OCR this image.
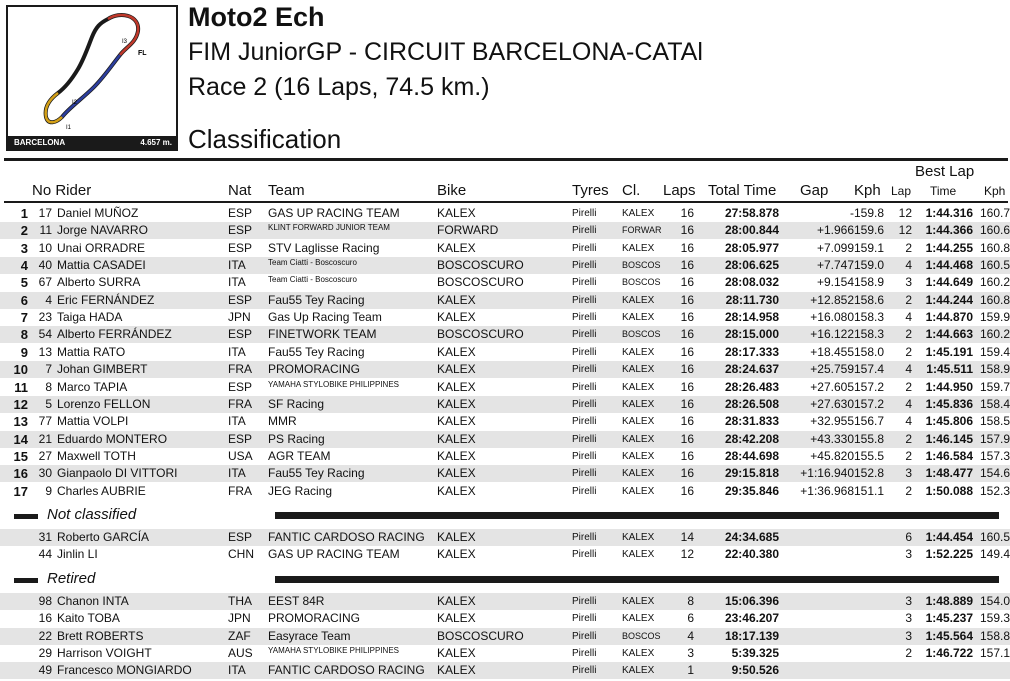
FL
I3
I2
I1
BARCELONA	4.657 m.
Moto2 Ech
FIM JuniorGP - CIRCUIT BARCELONA-CATAl
Race 2 (16 Laps, 74.5 km.)
Classification
Best Lap
No Rider	Nat Team	Bike	Tyres Cl. Laps Total Time Gap Kph Lap Time Kph
1 17 Daniel MUÑOZ	ESP GAS UP RACING TEAM	KALEX	Pirelli	KALEX	16	27:58.878	- 159.8	12	1:44.316 160.7
2 11 Jorge NAVARRO	ESP KLINT FORWARD JUNIOR TEAM	FORWARD	Pirelli	FORWAR	16	28:00.844	+1.966 159.6	12	1:44.366 160.6
3 10 Unai ORRADRE	ESP STV Laglisse Racing	KALEX	Pirelli	KALEX	16	28:05.977	+7.099 159.1	2	1:44.255 160.8
4 40 Mattia CASADEI	ITA	Team Ciatti - Boscoscuro	BOSCOSCURO	Pirelli	BOSCOS	16	28:06.625	+7.747 159.0	4	1:44.468 160.5
5 67 Alberto SURRA	ITA	Team Ciatti - Boscoscuro	BOSCOSCURO	Pirelli	BOSCOS	16	28:08.032	+9.154 158.9	3	1:44.649 160.2
6	4 Eric FERNÁNDEZ	ESP Fau55 Tey Racing	KALEX	Pirelli	KALEX	16	28:11.730	+12.852 158.6	2	1:44.244 160.8
7 23 Taiga HADA	JPN Gas Up Racing Team	KALEX	Pirelli	KALEX	16	28:14.958	+16.080 158.3	4	1:44.870 159.9
8 54 Alberto FERRÁNDEZ	ESP FINETWORK TEAM	BOSCOSCURO	Pirelli	BOSCOS	16	28:15.000	+16.122 158.3	2	1:44.663 160.2
9 13 Mattia RATO	ITA Fau55 Tey Racing	KALEX	Pirelli	KALEX	16	28:17.333	+18.455 158.0	2	1:45.191 159.4
10	7 Johan GIMBERT	FRA PROMORACING	KALEX	Pirelli	KALEX	16	28:24.637	+25.759 157.4	4	1:45.511 158.9
11	8 Marco TAPIA	ESP YAMAHA STYLOBIKE PHILIPPINES	KALEX	Pirelli	KALEX	16	28:26.483	+27.605 157.2	2	1:44.950 159.7
12	5 Lorenzo FELLON	FRA SF Racing	KALEX	Pirelli	KALEX	16	28:26.508	+27.630 157.2	4	1:45.836 158.4
13 77 Mattia VOLPI	ITA MMR	KALEX	Pirelli	KALEX	16	28:31.833	+32.955 156.7	4	1:45.806 158.5
14 21 Eduardo MONTERO	ESP PS Racing	KALEX	Pirelli	KALEX	16	28:42.208	+43.330 155.8	2	1:46.145 157.9
15 27 Maxwell TOTH	USA AGR TEAM	KALEX	Pirelli	KALEX	16	28:44.698	+45.820 155.5	2	1:46.584 157.3
16 30 Gianpaolo DI VITTORI	ITA Fau55 Tey Racing	KALEX	Pirelli	KALEX	16	29:15.818	+1:16.940 152.8	3	1:48.477 154.6
17	9 Charles AUBRIE	FRA JEG Racing	KALEX	Pirelli	KALEX	16	29:35.846	+1:36.968 151.1	2	1:50.088 152.3
Not classified
31 Roberto GARCÍA	ESP FANTIC CARDOSO RACING KALEX	Pirelli	KALEX	14	24:34.685	6	1:44.454 160.5
44 Jinlin LI	CHN GAS UP RACING TEAM	KALEX	Pirelli	KALEX	12	22:40.380	3	1:52.225 149.4
Retired
98 Chanon INTA	THA EEST 84R	KALEX	Pirelli	KALEX	8	15:06.396	3	1:48.889 154.0
16 Kaito TOBA	JPN PROMORACING	KALEX	Pirelli	KALEX	6	23:46.207	3	1:45.237 159.3
22 Brett ROBERTS	ZAF Easyrace Team	BOSCOSCURO	Pirelli	BOSCOS	4	18:17.139	3	1:45.564 158.8
29 Harrison VOIGHT	AUS YAMAHA STYLOBIKE PHILIPPINES	KALEX	Pirelli	KALEX	3	5:39.325	2	1:46.722 157.1
49 Francesco MONGIARDO	ITA FANTIC CARDOSO RACING KALEX	Pirelli	KALEX	1	9:50.526
